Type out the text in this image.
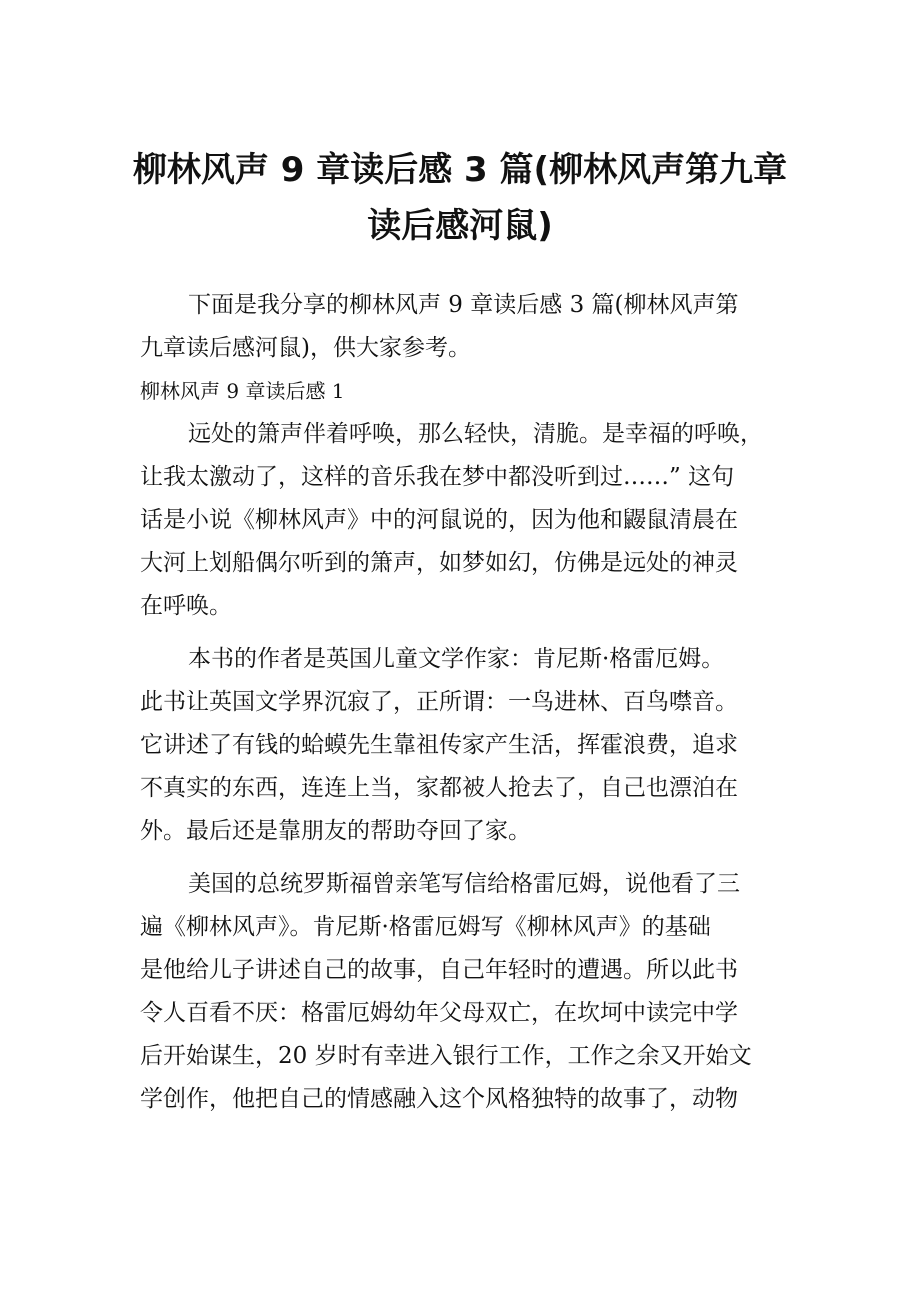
柳林风声 9 章读后感 3 篇(柳林风声第九章
读后感河鼠)
下面是我分享的柳林风声 9 章读后感 3 篇(柳林风声第
九章读后感河鼠)，供大家参考。
柳林风声 9 章读后感 1
远处的箫声伴着呼唤，那么轻快，清脆。是幸福的呼唤，
让我太激动了，这样的音乐我在梦中都没听到过……” 这句
话是小说《柳林风声》中的河鼠说的，因为他和鼹鼠清晨在
大河上划船偶尔听到的箫声，如梦如幻，仿佛是远处的神灵
在呼唤。
本书的作者是英国儿童文学作家：肯尼斯·格雷厄姆。
此书让英国文学界沉寂了，正所谓：一鸟进林、百鸟噤音。
它讲述了有钱的蛤蟆先生靠祖传家产生活，挥霍浪费，追求
不真实的东西，连连上当，家都被人抢去了，自己也漂泊在
外。最后还是靠朋友的帮助夺回了家。
美国的总统罗斯福曾亲笔写信给格雷厄姆，说他看了三
遍《柳林风声》。肯尼斯·格雷厄姆写《柳林风声》的基础
是他给儿子讲述自己的故事，自己年轻时的遭遇。所以此书
令人百看不厌：格雷厄姆幼年父母双亡，在坎坷中读完中学
后开始谋生，20 岁时有幸进入银行工作，工作之余又开始文
学创作，他把自己的情感融入这个风格独特的故事了，动物
